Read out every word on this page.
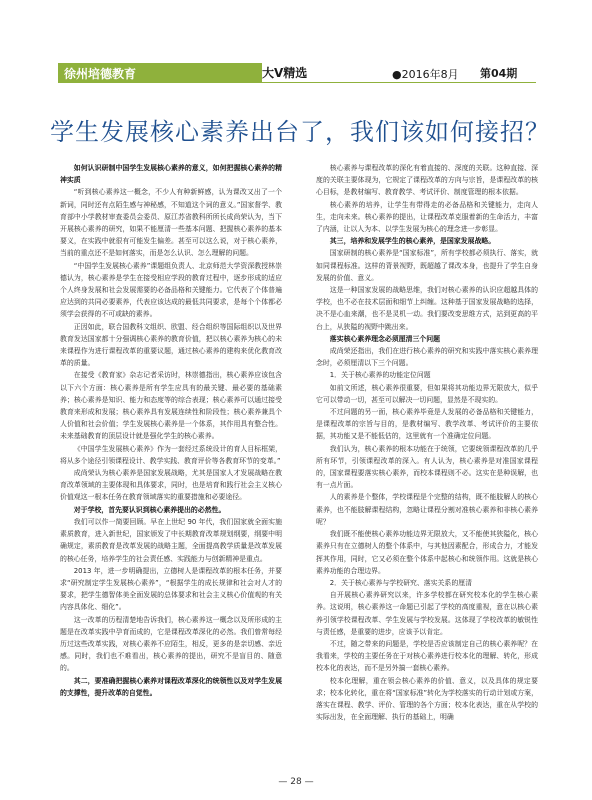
徐州培德教育	大Ⅴ精选	●2016年8月 第04期
学生发展核心素养出台了，我们该如何接招？

如何认识研制中国学生发展核心素养的意义，如何把握核心素养的精神实质

“听到核心素养这一概念，不少人有种新鲜感，认为课改又出了一个新词，同时还有点陌生感与神秘感，不知道这个词的意义。”国家督学、教育部中小学教材审查委员会委员、原江苏省教科所所长成尚荣认为，当下开展核心素养的研究，如果不能厘清一些基本问题、把握核心素养的基本要义，在实践中就很有可能发生偏差。甚至可以这么说，对于核心素养，当前的重点还不是如何落实，而是怎么认识、怎么理解的问题。

“中国学生发展核心素养”课题组负责人、北京师范大学资深教授林崇德认为，核心素养是学生在接受相应学段的教育过程中，逐步形成的适应个人终身发展和社会发展需要的必备品格和关键能力。它代表了个体普遍应达到的共同必要素养，代表应该达成的最低共同要求，是每个个体都必须学会获得的不可或缺的素养。

正因如此，联合国教科文组织、欧盟、经合组织等国际组织以及世界教育发达国家都十分强调核心素养的教育价值，把以核心素养为核心的未来课程作为进行课程改革的重要议题，通过核心素养的建构来优化教育改革的质量。

在接受《教育家》杂志记者采访时，林崇德指出，核心素养应该包含以下六个方面：核心素养是所有学生应具有的最关键、最必要的基础素养；核心素养是知识、能力和态度等的综合表现；核心素养可以通过接受教育来形成和发展；核心素养具有发展连续性和阶段性；核心素养兼具个人价值和社会价值；学生发展核心素养是一个体系，其作用具有整合性。未来基础教育的顶层设计就是强化学生的核心素养。

《中国学生发展核心素养》作为一套经过系统设计的育人目标框架，将从多个途径引领课程设计、教学实践、教育评价等各教育环节的变革。”

成尚荣认为核心素养是国家发展战略，尤其是国家人才发展战略在教育改革领域的主要体现和具体要求，同时，也是培育和践行社会主义核心价值观这一根本任务在教育领域落实的重要措施和必要途径。

对于学校，首先要认识到核心素养提出的必然性。

我们可以作一简要回顾。早在上世纪 90 年代，我们国家就全面实施素质教育，进入新世纪，国家颁发了中长期教育改革规划纲要，纲要中明确规定，素质教育是改革发展的战略主题，全面提高教学质量是改革发展的核心任务，培养学生的社会责任感、实践能力与创新精神是重点。

2013 年，进一步明确提出，立德树人是课程改革的根本任务，并要求“研究制定学生发展核心素养”，“根据学生的成长规律和社会对人才的要求，把学生德智体美全面发展的总体要求和社会主义核心价值观的有关内容具体化、细化”。

这一改革的历程清楚地告诉我们，核心素养这一概念以及所形成的主题是在改革实践中孕育而成的，它是课程改革深化的必然。我们曾常每经历过这些改革实践，对核心素养不应陌生，相反，更多的是亲切感、亲近感。同时，我们也不难看出，核心素养的提出，研究不是盲目的、随意的。

其二，要准确把握核心素养对课程改革深化的统领性以及对学生发展的支撑性，提升改革的自觉性。

核心素养与课程改革的深化有着直接的、深度的关联。这种直接、深度的关联主要体现为，它规定了课程改革的方向与宗旨，是课程改革的核心目标，是教材编写、教育教学、考试评价、制度管理的根本依据。

核心素养的培养，让学生有带得走的必备品格和关键能力，走向人生，走向未来。核心素养的提出，让课程改革克服着新的生命活力，丰富了内涵，让以人为本、以学生发展为核心的理念进一步彰显。

其三，培养和发展学生的核心素养，是国家发展战略。

国家研制的核心素养是“国家标准”，所有学校都必须执行、落实，就如同课程标准。这样的背景视野，既超越了课改本身，也提升了学生自身发展的价值、意义。

这是一种国家发展的战略思维，我们对核心素养的认识应超越具体的学校，也不必在技术层面和细节上纠缠。这种基于国家发展战略的选择，决不是心血来潮，也不是灵机一动。我们要改变思维方式，站到更高的平台上，从狭隘的视野中跳出来。

落实核心素养理念必须厘清三个问题

成尚荣还指出，我们在进行核心素养的研究和实践中落实核心素养理念时，必须厘清以下三个问题。

1．关于核心素养的功能定位问题

如前文所述，核心素养很重要，但如果将其功能边界无限放大，似乎它可以带动一切，甚至可以解决一切问题，显然是不现实的。

不过问题的另一面，核心素养毕竟是人发展的必备品格和关键能力，是课程改革的宗旨与目的，是教材编写、教学改革、考试评价的主要依据，其功能又是不能低估的，这里就有一个准确定位问题。

我们认为，核心素养的根本功能在于统领，它要统领课程改革的几乎所有环节，引领课程改革的深入。有人认为，核心素养是对准国家课程的，国家课程要落实核心素养，而校本课程则不必。这实在是种误解，也有一点片面。

人的素养是个整体，学校课程是个完整的结构，既不能肢解人的核心素养，也不能肢解课程结构，忽略让课程分割对准核心素养和非核心素养呢？

我们既不能使核心素养功能边界无限放大，又不能使其狭隘化，核心素养只有在立德树人的整个体系中，与其他因素配合，形成合力，才能发挥其作用，同时，它又必须在整个体系中起核心和统领作用。这就是核心素养功能的合理边界。

2．关于核心素养与学校研究、落实关系的厘清

自开展核心素养研究以来，许多学校都在研究校本化的学生核心素养。这说明，核心素养这一命题已引起了学校的高度重视，意在以核心素养引领学校课程改革、学生发展与学校发展。这体现了学校改革的敏锐性与责任感，是重要的进步，应该予以肯定。

不过，随之带来的问题是，学校是否应该制定自己的核心素养呢？在我看来，学校的主要任务在于对核心素养进行校本化的理解、转化，形成校本化的表达，而不是另外搞一套核心素养。

校本化理解，重在领会核心素养的价值、意义，以及具体的规定要求；校本化转化，重在将“国家标准”转化为学校落实的行动计划或方案，落实在课程、教学、评价、管理的各个方面；校本化表达，重在从学校的实际出发，在全面理解、执行的基础上，明确

— 28 —
